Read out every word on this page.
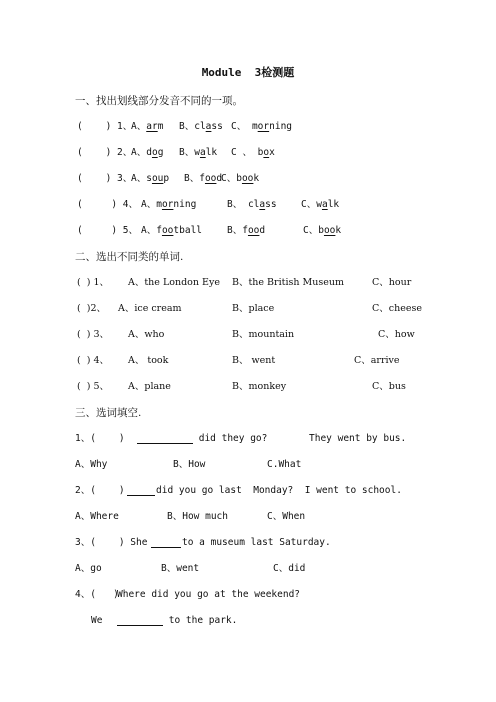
Module  3检测题

一、找出划线部分发音不同的一项。

(    ) 1、

A、arm

B、class

C、 morning

(    ) 2、

A、dog

B、walk

C 、 box

(    ) 3、

A、soup

B、food

C、book

(     ) 4、

A、morning

	B、 class

	C、walk

(     ) 5、

A、football

	B、food

	C、book

二、选出不同类的单词.

(  ) 1、

A、the London Eye

B、the British Museum

	C、hour

(  )2、

A、ice cream

	B、place

	C、cheese

(  ) 3、

A、who

	B、mountain

	C、how

(  ) 4、

A、 took

	B、 went

	C、arrive

(  ) 5、

A、plane

	B、monkey

	C、bus

三、选词填空.

1、(    )

	did they go?

	They went by bus.

A、Why

	B、How

	C.What

2、(    )

	did you go last  Monday?  I went to school.

A、Where

	B、How much

	C、When

3、(    ) She

	to a museum last Saturday.

A、go

	B、went

	C、did

4、(   )

Where did you go at the weekend?

We

	to the park.
